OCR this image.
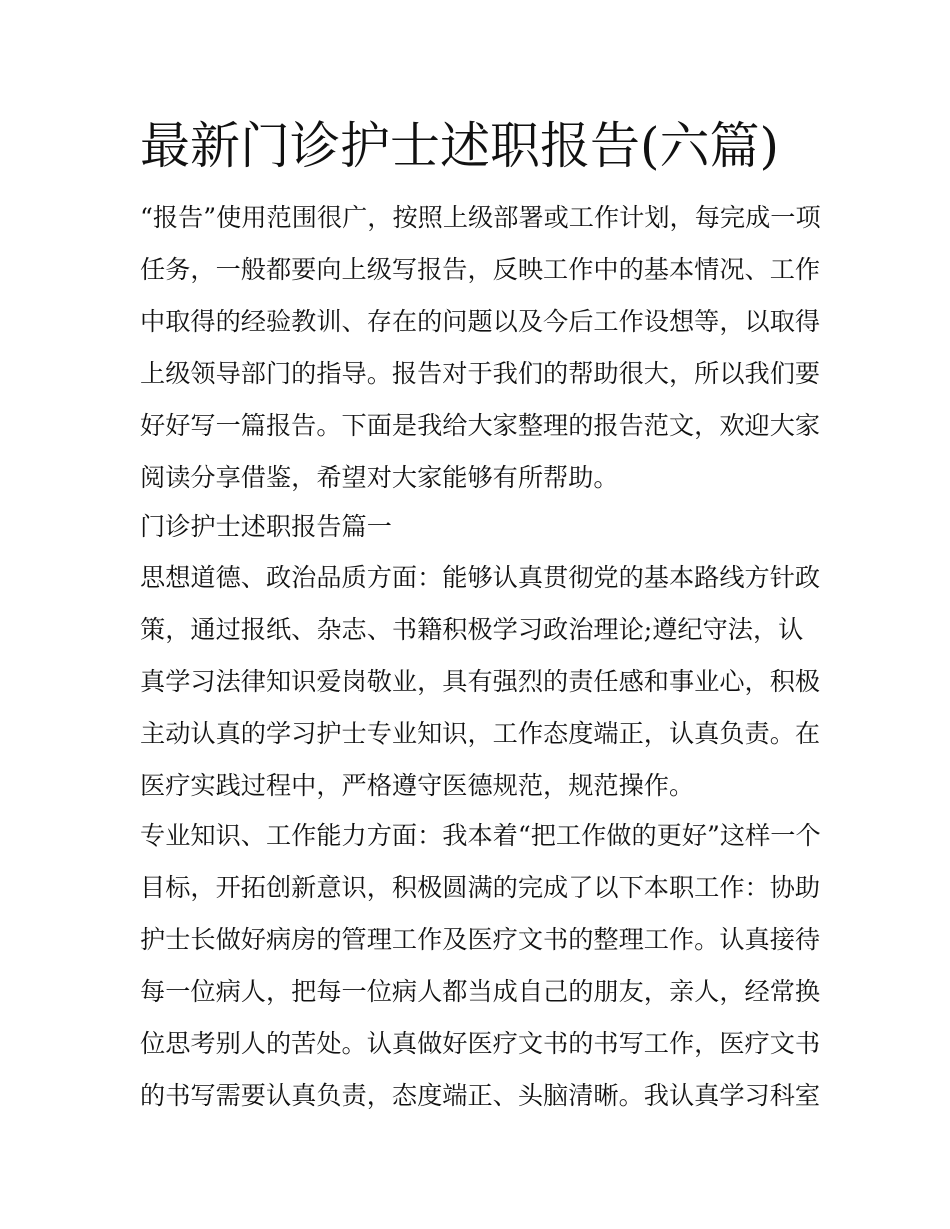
最新门诊护士述职报告(六篇)

“报告”使用范围很广，按照上级部署或工作计划，每完成一项

任务，一般都要向上级写报告，反映工作中的基本情况、工作

中取得的经验教训、存在的问题以及今后工作设想等，以取得

上级领导部门的指导。报告对于我们的帮助很大，所以我们要

好好写一篇报告。下面是我给大家整理的报告范文，欢迎大家

阅读分享借鉴，希望对大家能够有所帮助。

门诊护士述职报告篇一

思想道德、政治品质方面：能够认真贯彻党的基本路线方针政

策，通过报纸、杂志、书籍积极学习政治理论;遵纪守法，认

真学习法律知识爱岗敬业，具有强烈的责任感和事业心，积极

主动认真的学习护士专业知识，工作态度端正，认真负责。在

医疗实践过程中，严格遵守医德规范，规范操作。

专业知识、工作能力方面：我本着“把工作做的更好”这样一个

目标，开拓创新意识，积极圆满的完成了以下本职工作：协助

护士长做好病房的管理工作及医疗文书的整理工作。认真接待

每一位病人，把每一位病人都当成自己的朋友，亲人，经常换

位思考别人的苦处。认真做好医疗文书的书写工作，医疗文书

的书写需要认真负责，态度端正、头脑清晰。我认真学习科室
